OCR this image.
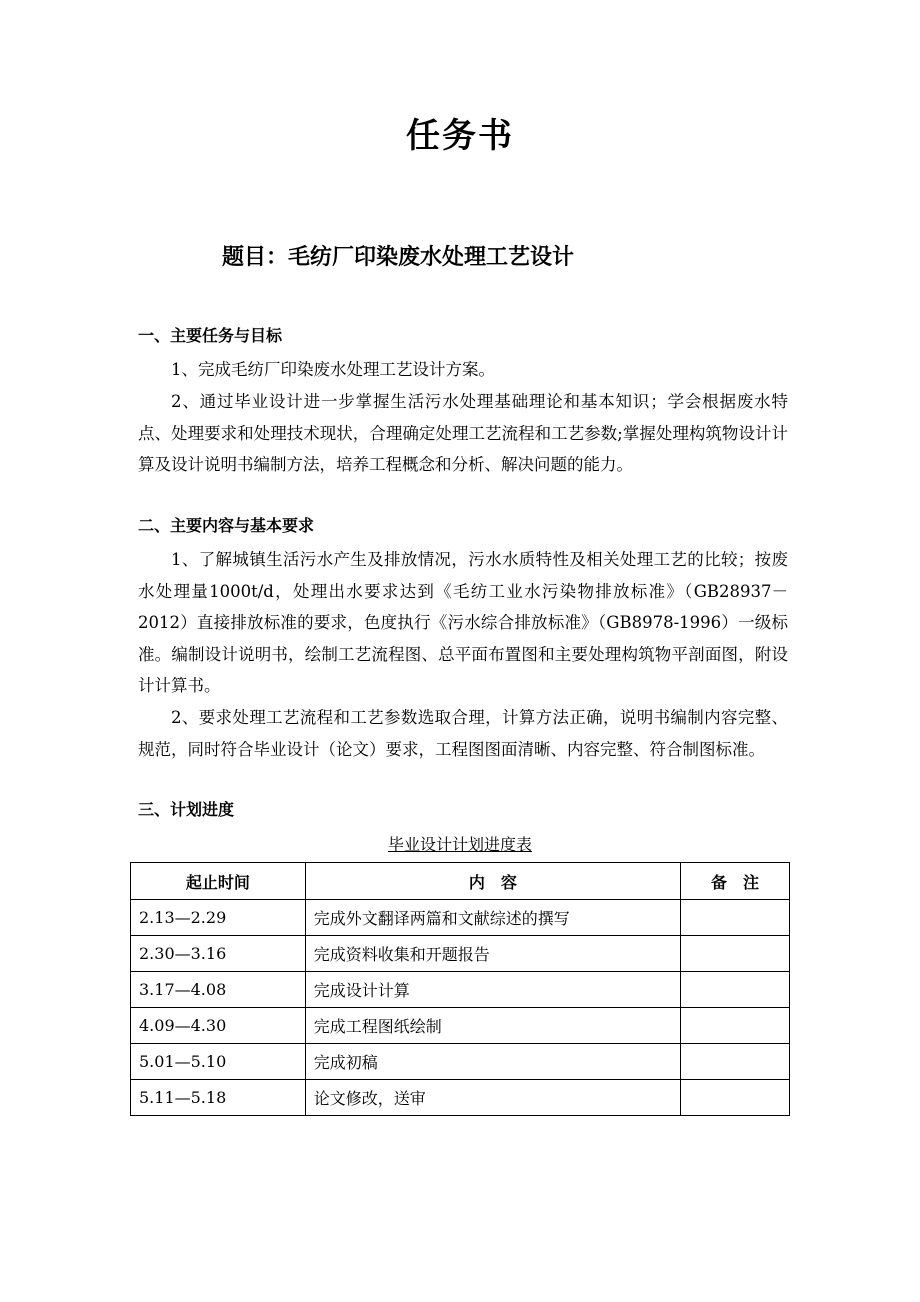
任务书
题目：毛纺厂印染废水处理工艺设计
一、主要任务与目标

1、完成毛纺厂印染废水处理工艺设计方案。

2、通过毕业设计进一步掌握生活污水处理基础理论和基本知识；学会根据废水特点、处理要求和处理技术现状，合理确定处理工艺流程和工艺参数;掌握处理构筑物设计计算及设计说明书编制方法，培养工程概念和分析、解决问题的能力。

二、主要内容与基本要求

1、了解城镇生活污水产生及排放情况，污水水质特性及相关处理工艺的比较；按废水处理量1000t/d，处理出水要求达到《毛纺工业水污染物排放标准》（GB28937－2012）直接排放标准的要求，色度执行《污水综合排放标准》（GB8978-1996）一级标准。编制设计说明书，绘制工艺流程图、总平面布置图和主要处理构筑物平剖面图，附设计计算书。

2、要求处理工艺流程和工艺参数选取合理，计算方法正确，说明书编制内容完整、规范，同时符合毕业设计（论文）要求，工程图图面清晰、内容完整、符合制图标准。

三、计划进度
毕业设计计划进度表
起止时间	内　容	备　注
2.13—2.29	完成外文翻译两篇和文献综述的撰写	
2.30—3.16	完成资料收集和开题报告	
3.17—4.08	完成设计计算	
4.09—4.30	完成工程图纸绘制	
5.01—5.10	完成初稿	
5.11—5.18	论文修改，送审	
